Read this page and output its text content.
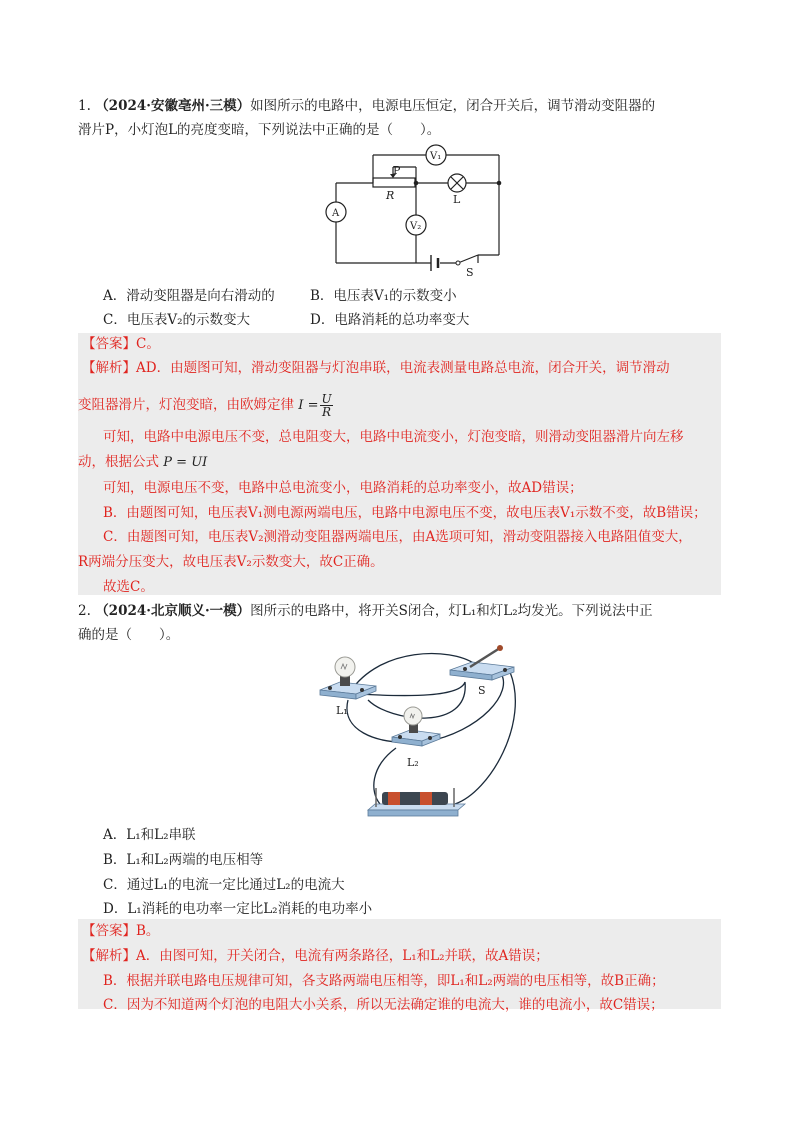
1. （2024·安徽亳州·三模）如图所示的电路中，电源电压恒定，闭合开关后，调节滑动变阻器的
滑片P，小灯泡L的亮度变暗，下列说法中正确的是（　　）。
V₁
A
V₂
P
R	L
S
A．滑动变阻器是向右滑动的	B．电压表V₁的示数变小
C．电压表V₂的示数变大	D．电路消耗的总功率变大
【答案】C。
【解析】AD．由题图可知，滑动变阻器与灯泡串联，电流表测量电路总电流，闭合开关，调节滑动
变阻器滑片，灯泡变暗，由欧姆定律 $I = \frac{U}{R}$
可知，电路中电源电压不变，总电阻变大，电路中电流变小，灯泡变暗，则滑动变阻器滑片向左移
动，根据公式 P = UI
可知，电源电压不变，电路中总电流变小，电路消耗的总功率变小，故AD错误；
B．由题图可知，电压表V₁测电源两端电压，电路中电源电压不变，故电压表V₁示数不变，故B错误；
C．由题图可知，电压表V₂测滑动变阻器两端电压，由A选项可知，滑动变阻器接入电路阻值变大，
R两端分压变大，故电压表V₂示数变大，故C正确。
故选C。
2. （2024·北京顺义·一模）图所示的电路中，将开关S闭合，灯L₁和灯L₂均发光。下列说法中正
确的是（　　）。
S
L₁
L₂
A．L₁和L₂串联
B．L₁和L₂两端的电压相等
C．通过L₁的电流一定比通过L₂的电流大
D．L₁消耗的电功率一定比L₂消耗的电功率小
【答案】B。
【解析】A．由图可知，开关闭合，电流有两条路径，L₁和L₂并联，故A错误；
B．根据并联电路电压规律可知，各支路两端电压相等，即L₁和L₂两端的电压相等，故B正确；
C．因为不知道两个灯泡的电阻大小关系，所以无法确定谁的电流大，谁的电流小，故C错误；
